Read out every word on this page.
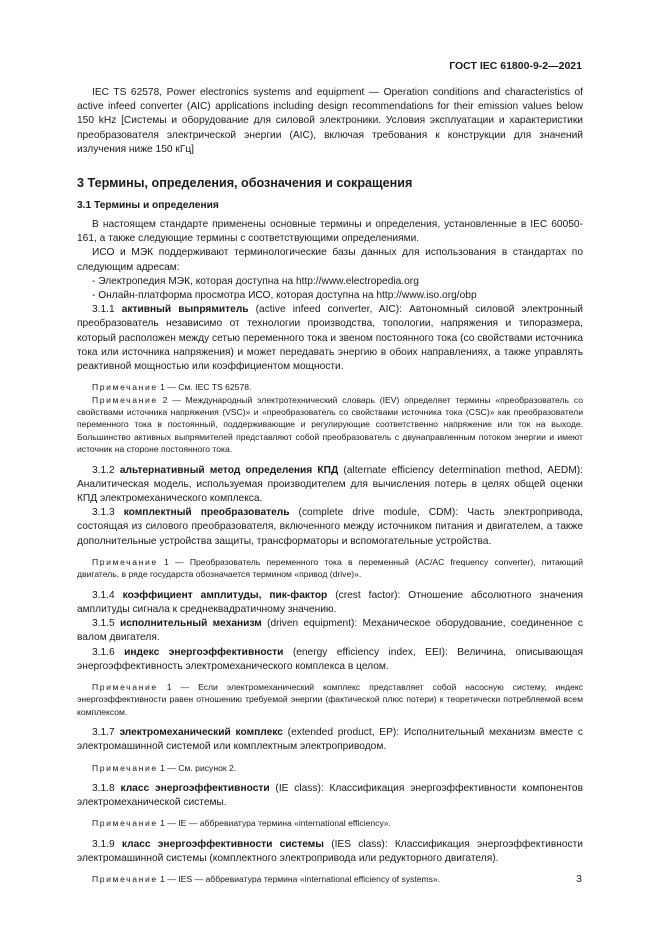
ГОСТ IEC 61800-9-2—2021

IEC TS 62578, Power electronics systems and equipment — Operation conditions and characteristics of active infeed converter (AIC) applications including design recommendations for their emission values below 150 kHz [Системы и оборудование для силовой электроники. Условия эксплуатации и характеристики преобразователя электрической энергии (AIC), включая требования к конструкции для значений излучения ниже 150 кГц]

3 Термины, определения, обозначения и сокращения
3.1 Термины и определения

В настоящем стандарте применены основные термины и определения, установленные в IEC 60050-161, а также следующие термины с соответствующими определениями.

ИСО и МЭК поддерживают терминологические базы данных для использования в стандартах по следующим адресам:

- Электропедия МЭК, которая доступна на http://www.electropedia.org

- Онлайн-платформа просмотра ИСО, которая доступна на http://www.iso.org/obp

3.1.1 активный выпрямитель (active infeed converter, AIC): Автономный силовой электронный преобразователь независимо от технологии производства, топологии, напряжения и типоразмера, который расположен между сетью переменного тока и звеном постоянного тока (со свойствами источника тока или источника напряжения) и может передавать энергию в обоих направлениях, а также управлять реактивной мощностью или коэффициентом мощности.

Примечание 1 — См. IEC TS 62578.

Примечание 2 — Международный электротехнический словарь (IEV) определяет термины «преобразователь со свойствами источника напряжения (VSC)» и «преобразователь со свойствами источника тока (CSC)» как преобразователи переменного тока в постоянный, поддерживающие и регулирующие соответственно напряжение или ток на выходе. Большинство активных выпрямителей представляют собой преобразователь с двунаправленным потоком энергии и имеют источник на стороне постоянного тока.

3.1.2 альтернативный метод определения КПД (alternate efficiency determination method, AEDM): Аналитическая модель, используемая производителем для вычисления потерь в целях общей оценки КПД электромеханического комплекса.

3.1.3 комплектный преобразователь (complete drive module, CDM): Часть электропривода, состоящая из силового преобразователя, включенного между источником питания и двигателем, а также дополнительные устройства защиты, трансформаторы и вспомогательные устройства.

Примечание 1 — Преобразователь переменного тока в переменный (AC/AC frequency converter), питающий двигатель, в ряде государств обозначается термином «привод (drive)».

3.1.4 коэффициент амплитуды, пик-фактор (crest factor): Отношение абсолютного значения амплитуды сигнала к среднеквадратичному значению.

3.1.5 исполнительный механизм (driven equipment): Механическое оборудование, соединенное с валом двигателя.

3.1.6 индекс энергоэффективности (energy efficiency index, EEI): Величина, описывающая энергоэффективность электромеханического комплекса в целом.

Примечание 1 — Если электромеханический комплекс представляет собой насосную систему, индекс энергоэффективности равен отношению требуемой энергии (фактической плюс потери) к теоретически потребляемой всем комплексом.

3.1.7 электромеханический комплекс (extended product, EP): Исполнительный механизм вместе с электромашинной системой или комплектным электроприводом.

Примечание 1 — См. рисунок 2.

3.1.8 класс энергоэффективности (IE class): Классификация энергоэффективности компонентов электромеханической системы.

Примечание 1 — IE — аббревиатура термина «international efficiency».

3.1.9 класс энергоэффективности системы (IES class): Классификация энергоэффективности электромашинной системы (комплектного электропривода или редукторного двигателя).

Примечание 1 — IES — аббревиатура термина «international efficiency of systems».	3
